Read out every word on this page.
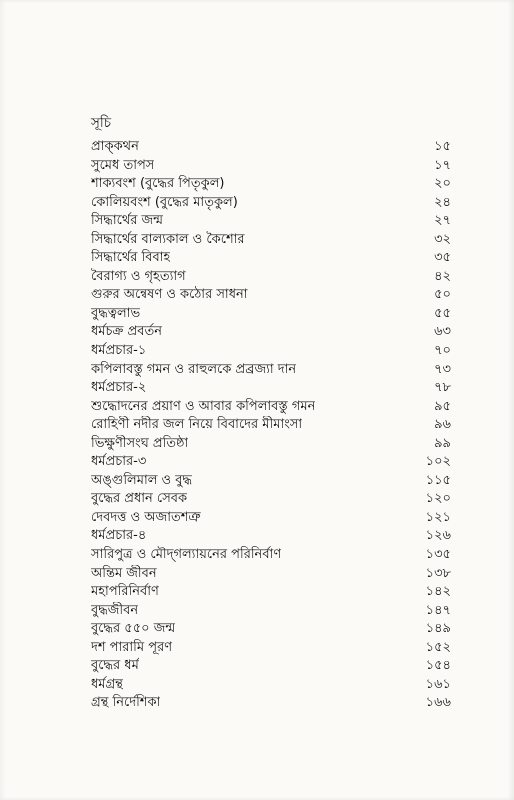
সূচি
প্রাক্‌কথন	১৫
সুমেধ তাপস	১৭
শাক্যবংশ (বুদ্ধের পিতৃকুল)	২০
কোলিয়বংশ (বুদ্ধের মাতৃকুল)	২৪
সিদ্ধার্থের জন্ম	২৭
সিদ্ধার্থের বাল্যকাল ও কৈশোর	৩২
সিদ্ধার্থের বিবাহ	৩৫
বৈরাগ্য ও গৃহত্যাগ	৪২
গুরুর অন্বেষণ ও কঠোর সাধনা	৫০
বুদ্ধত্বলাভ	৫৫
ধর্মচক্র প্রবর্তন	৬৩
ধর্মপ্রচার-১	৭০
কপিলাবস্তু গমন ও রাহুলকে প্রব্রজ্যা দান	৭৩
ধর্মপ্রচার-২	৭৮
শুদ্ধোদনের প্রয়াণ ও আবার কপিলাবস্তু গমন	৯৫
রোহিণী নদীর জল নিয়ে বিবাদের মীমাংসা	৯৬
ভিক্ষুণীসংঘ প্রতিষ্ঠা	৯৯
ধর্মপ্রচার-৩	১০২
অঙ্গুলিমাল ও বুদ্ধ	১১৫
বুদ্ধের প্রধান সেবক	১২০
দেবদত্ত ও অজাতশত্রু	১২১
ধর্মপ্রচার-৪	১২৬
সারিপুত্র ও মৌদ্‌গল্যায়নের পরিনির্বাণ	১৩৫
অন্তিম জীবন	১৩৮
মহাপরিনির্বাণ	১৪২
বুদ্ধজীবন	১৪৭
বুদ্ধের ৫৫০ জন্ম	১৪৯
দশ পারামি পূরণ	১৫২
বুদ্ধের ধর্ম	১৫৪
ধর্মগ্রন্থ	১৬১
গ্রন্থ নির্দেশিকা	১৬৬
